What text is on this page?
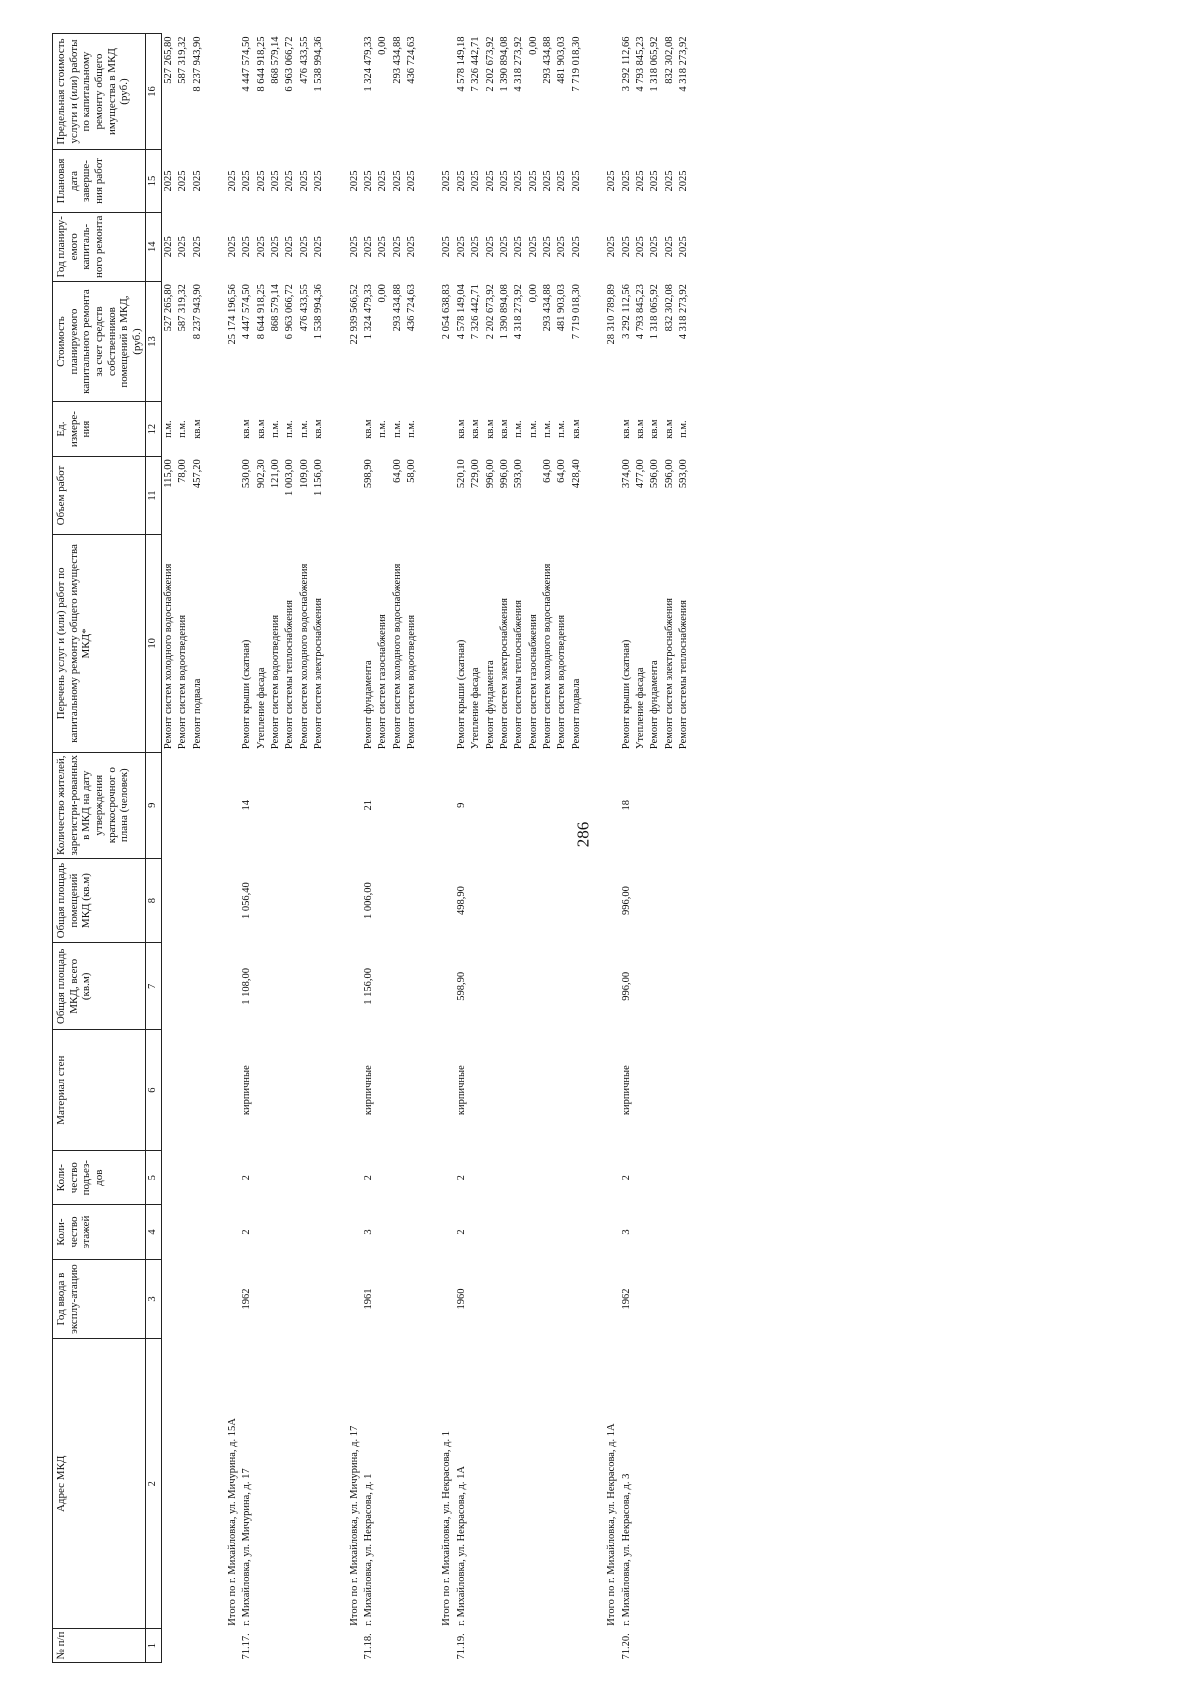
286
№ п/п	Адрес МКД	Год ввода в эксплу-атацию	Коли-чество этажей	Коли-чество подъез-дов	Материал стен	Общая площадь МКД, всего (кв.м)	Общая площадь помещений МКД (кв.м)	Количество жителей, зарегистри-рованных в МКД на дату утверждения краткосрочног о плана (человек)	Перечень услуг и (или) работ по капитальному ремонту общего имущества МКД*	Объем работ	Ед. измере-ния	Стоимость планируемого капитального ремонта за счет средств собственников помещений в МКД, (руб.)	Год планиру-емого капиталь-ного ремонта	Плановая дата заверше-ния работ	Предельная стоимость услуги и (или) работы по капитальному ремонту общего имущества в МКД (руб.)
1	2	3	4	5	6	7	8	9	10	11	12	13	14	15	16
									Ремонт систем холодного водоснабжения	115,00	п.м.	527 265,80	2025	2025	527 265,80
									Ремонт систем водоотведения	78,00	п.м.	587 319,32	2025	2025	587 319,32
									Ремонт подвала	457,20	кв.м	8 237 943,90	2025	2025	8 237 943,90
	Итого по г. Михайловка, ул. Мичурина, д. 15А											25 174 196,56	2025	2025	
71.17.	г. Михайловка, ул. Мичурина, д. 17	1962	2	2	кирпичные	1 108,00	1 056,40	14	Ремонт крыши (скатная)	530,00	кв.м	4 447 574,50	2025	2025	4 447 574,50
									Утепление фасада	902,30	кв.м	8 644 918,25	2025	2025	8 644 918,25
									Ремонт систем водоотведения	121,00	п.м.	868 579,14	2025	2025	868 579,14
									Ремонт системы теплоснабжения	1 003,00	п.м.	6 963 066,72	2025	2025	6 963 066,72
									Ремонт систем холодного водоснабжения	109,00	п.м.	476 433,55	2025	2025	476 433,55
									Ремонт систем электроснабжения	1 156,00	кв.м	1 538 994,36	2025	2025	1 538 994,36
	Итого по г. Михайловка, ул. Мичурина, д. 17											22 939 566,52	2025	2025	
71.18.	г. Михайловка, ул. Некрасова, д. 1	1961	3	2	кирпичные	1 156,00	1 006,00	21	Ремонт фундамента	598,90	кв.м	1 324 479,33	2025	2025	1 324 479,33
									Ремонт систем газоснабжения		п.м.	0,00	2025	2025	0,00
									Ремонт систем холодного водоснабжения	64,00	п.м.	293 434,88	2025	2025	293 434,88
									Ремонт систем водоотведения	58,00	п.м.	436 724,63	2025	2025	436 724,63
	Итого по г. Михайловка, ул. Некрасова, д. 1											2 054 638,83	2025	2025	
71.19.	г. Михайловка, ул. Некрасова, д. 1А	1960	2	2	кирпичные	598,90	498,90	9	Ремонт крыши (скатная)	520,10	кв.м	4 578 149,04	2025	2025	4 578 149,18
									Утепление фасада	729,00	кв.м	7 326 442,71	2025	2025	7 326 442,71
									Ремонт фундамента	996,00	кв.м	2 202 673,92	2025	2025	2 202 673,92
									Ремонт систем электроснабжения	996,00	кв.м	1 390 894,08	2025	2025	1 390 894,08
									Ремонт системы теплоснабжения	593,00	п.м.	4 318 273,92	2025	2025	4 318 273,92
									Ремонт систем газоснабжения		п.м.	0,00	2025	2025	0,00
									Ремонт систем холодного водоснабжения	64,00	п.м.	293 434,88	2025	2025	293 434,88
									Ремонт систем водоотведения	64,00	п.м.	481 903,03	2025	2025	481 903,03
									Ремонт подвала	428,40	кв.м	7 719 018,30	2025	2025	7 719 018,30
	Итого по г. Михайловка, ул. Некрасова, д. 1А											28 310 789,89	2025	2025	
71.20.	г. Михайловка, ул. Некрасова, д. 3	1962	3	2	кирпичные	996,00	996,00	18	Ремонт крыши (скатная)	374,00	кв.м	3 292 112,56	2025	2025	3 292 112,66
									Утепление фасада	477,00	кв.м	4 793 845,23	2025	2025	4 793 845,23
									Ремонт фундамента	596,00	кв.м	1 318 065,92	2025	2025	1 318 065,92
									Ремонт систем электроснабжения	596,00	кв.м	832 302,08	2025	2025	832 302,08
									Ремонт системы теплоснабжения	593,00	п.м.	4 318 273,92	2025	2025	4 318 273,92
